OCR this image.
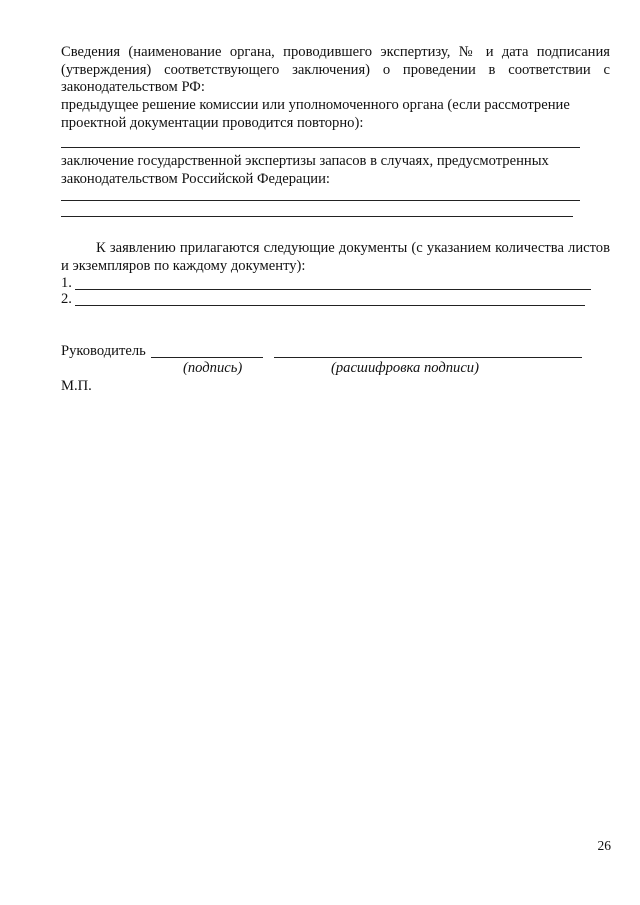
Сведения (наименование органа, проводившего экспертизу, № и дата подписания (утверждения) соответствующего заключения) о проведении в соответствии с законодательством РФ:
предыдущее решение комиссии или уполномоченного органа (если рассмотрение проектной документации проводится повторно):
заключение государственной экспертизы запасов в случаях, предусмотренных законодательством Российской Федерации:
К заявлению прилагаются следующие документы (с указанием количества листов и экземпляров по каждому документу):
1.
2.
Руководитель
(подпись)	(расшифровка подписи)
М.П.
26
